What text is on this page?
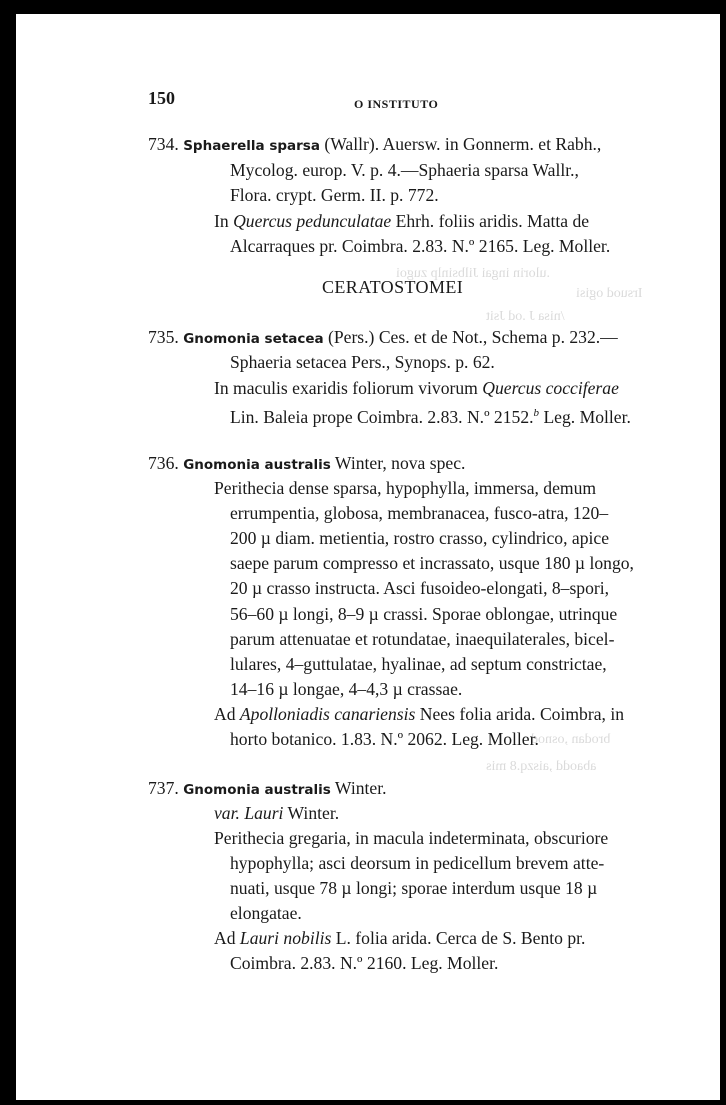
.ulorin ingai Jilbsinlp zugoi
Irsuod ogisi
/nisa J .od Jsit
brodan ,osnod
abaodd ,aiszq.8 mis
150	O INSTITUTO
734. Sphaerella sparsa (Wallr). Auersw. in Gonnerm. et Rabh.,
Mycolog. europ. V. p. 4.—Sphaeria sparsa Wallr.,
Flora. crypt. Germ. II. p. 772.
In Quercus pedunculatae Ehrh. foliis aridis. Matta de
Alcarraques pr. Coimbra. 2.83. N.º 2165. Leg. Moller.
CERATOSTOMEI
735. Gnomonia setacea (Pers.) Ces. et de Not., Schema p. 232.—
Sphaeria setacea Pers., Synops. p. 62.
In maculis exaridis foliorum vivorum Quercus cocciferae
Lin. Baleia prope Coimbra. 2.83. N.º 2152.$^b$ Leg. Moller.
736. Gnomonia australis Winter, nova spec.
Perithecia dense sparsa, hypophylla, immersa, demum
errumpentia, globosa, membranacea, fusco-atra, 120–
200 µ diam. metientia, rostro crasso, cylindrico, apice
saepe parum compresso et incrassato, usque 180 µ longo,
20 µ crasso instructa. Asci fusoideo-elongati, 8–spori,
56–60 µ longi, 8–9 µ crassi. Sporae oblongae, utrinque
parum attenuatae et rotundatae, inaequilaterales, bicel-
lulares, 4–guttulatae, hyalinae, ad septum constrictae,
14–16 µ longae, 4–4,3 µ crassae.
Ad Apolloniadis canariensis Nees folia arida. Coimbra, in
horto botanico. 1.83. N.º 2062. Leg. Moller.
737. Gnomonia australis Winter.
var. Lauri Winter.
Perithecia gregaria, in macula indeterminata, obscuriore
hypophylla; asci deorsum in pedicellum brevem atte-
nuati, usque 78 µ longi; sporae interdum usque 18 µ
elongatae.
Ad Lauri nobilis L. folia arida. Cerca de S. Bento pr.
Coimbra. 2.83. N.º 2160. Leg. Moller.
